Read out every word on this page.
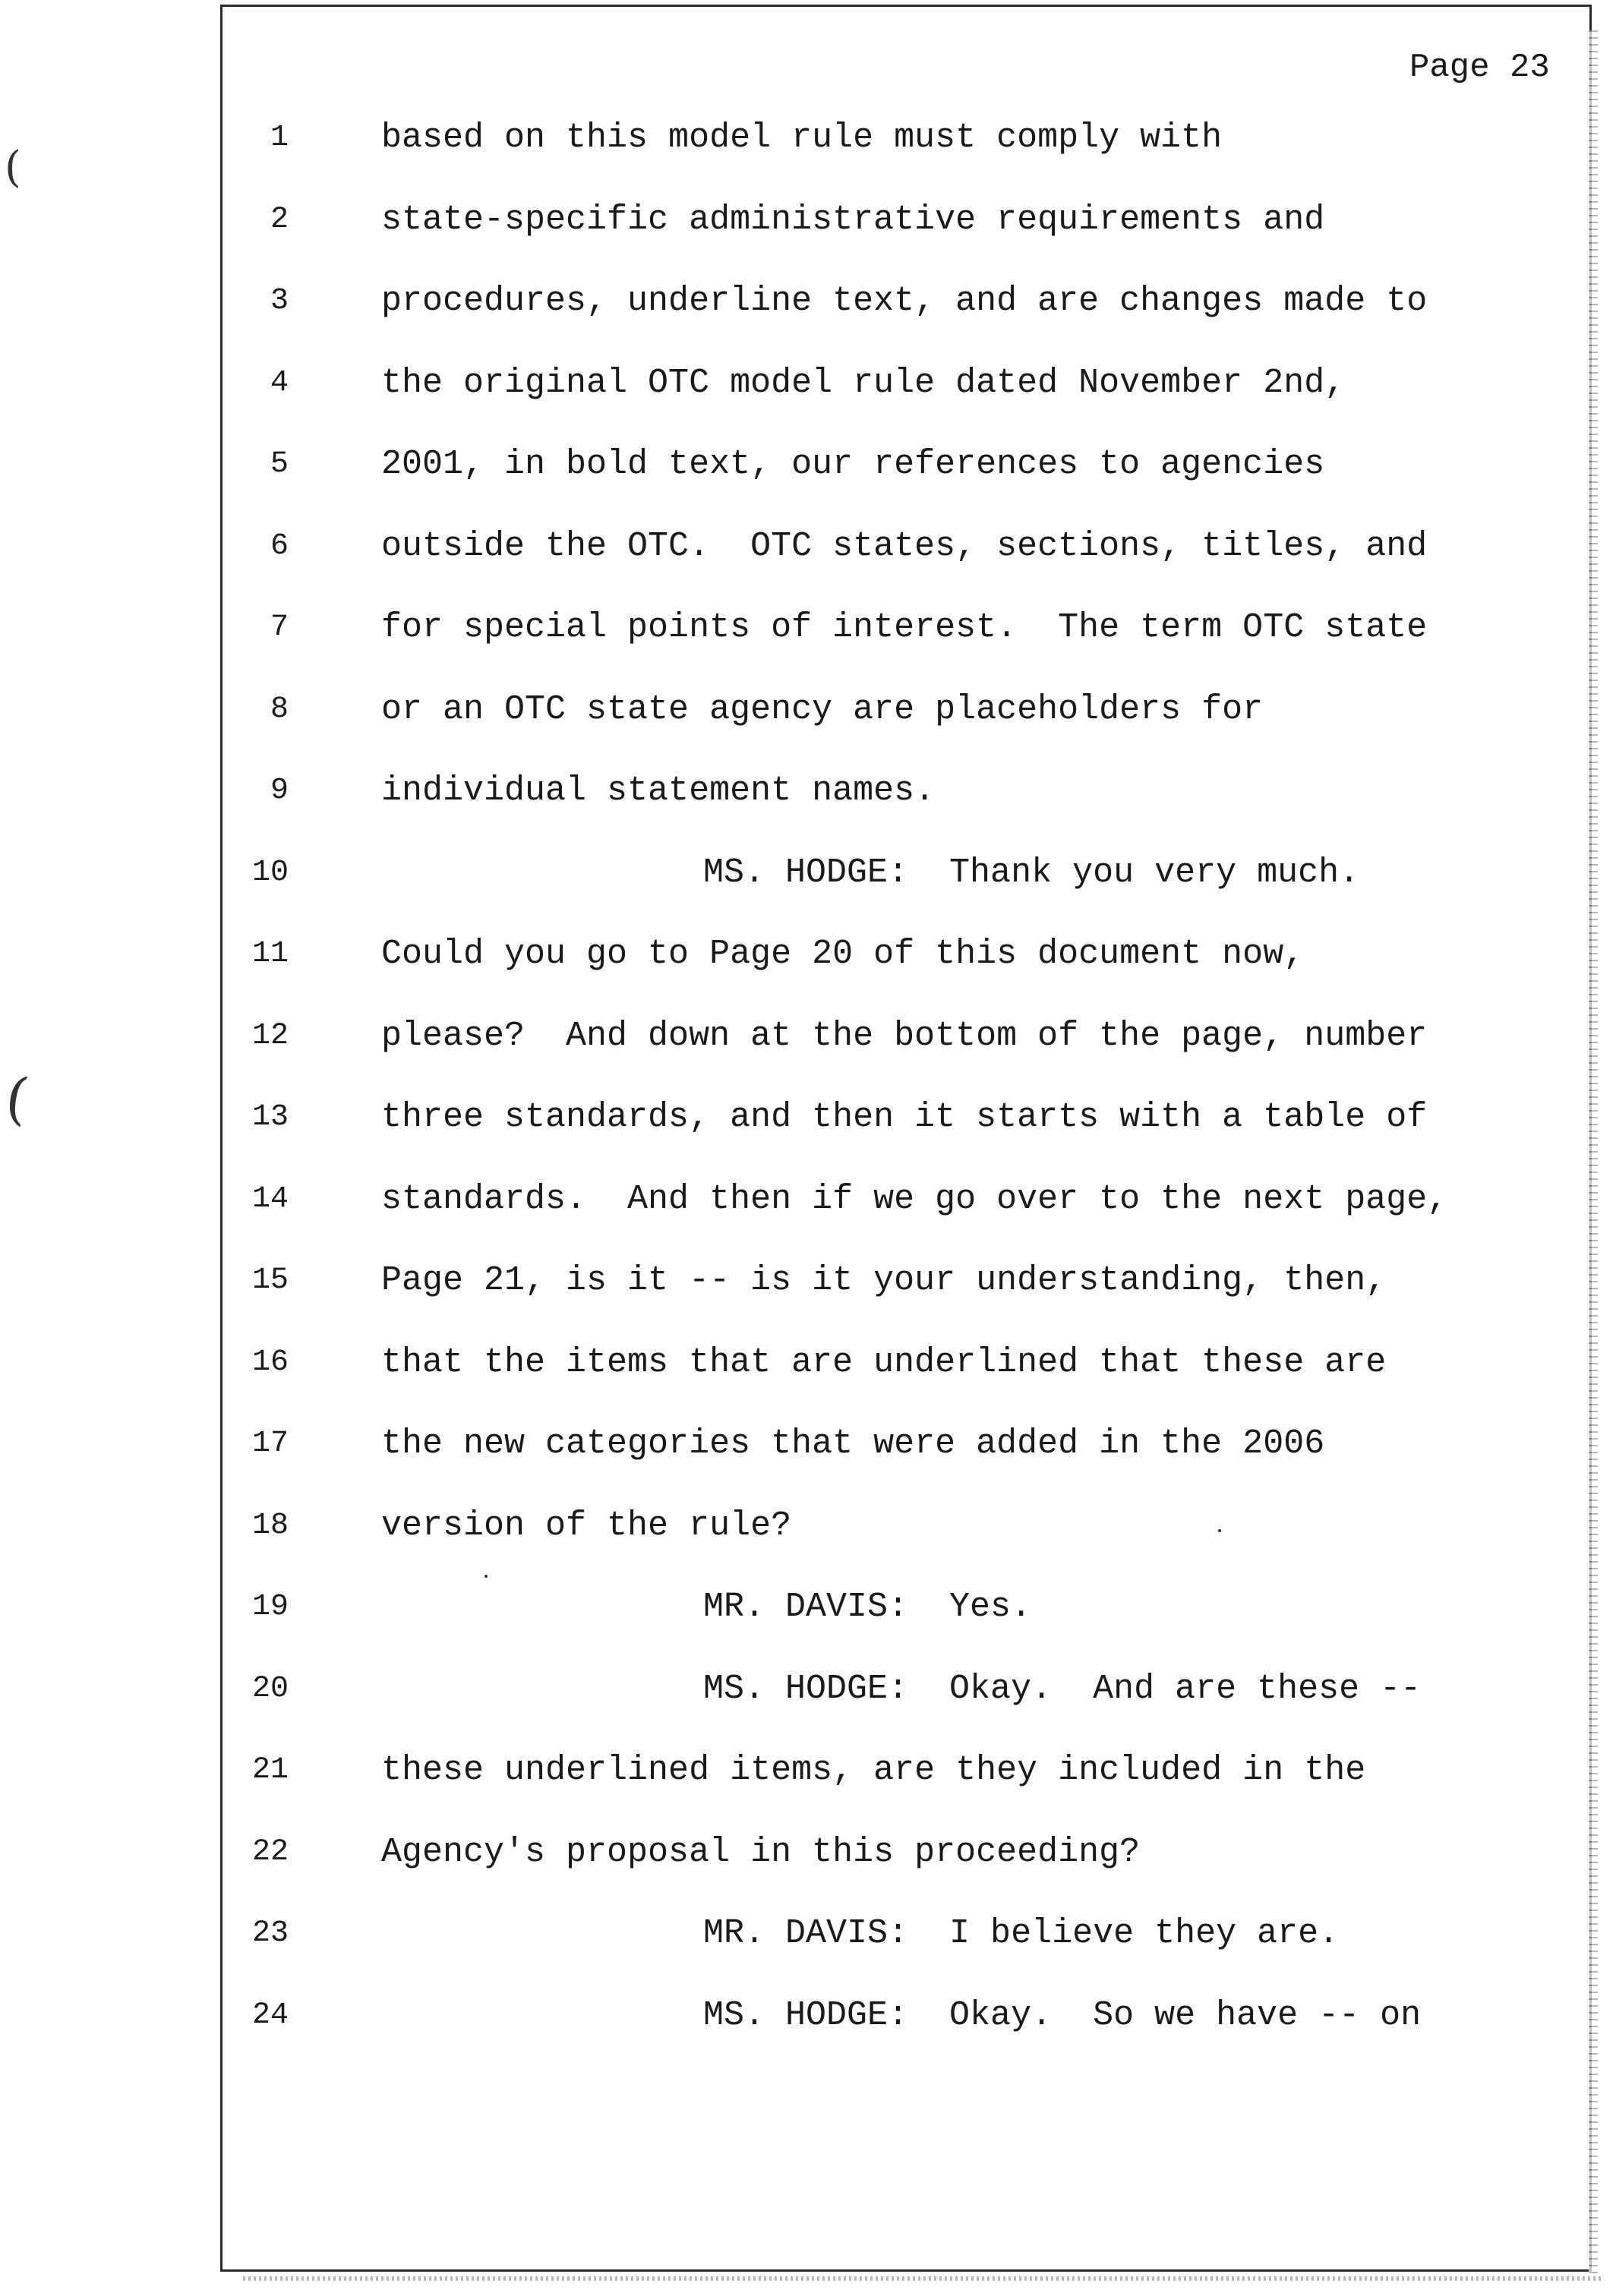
(
(
Page 23
1	based on this model rule must comply with
2	state-specific administrative requirements and
3	procedures, underline text, and are changes made to
4	the original OTC model rule dated November 2nd,
5	2001, in bold text, our references to agencies
6	outside the OTC.  OTC states, sections, titles, and
7	for special points of interest.  The term OTC state
8	or an OTC state agency are placeholders for
9	individual statement names.
10	MS. HODGE:  Thank you very much.
11	Could you go to Page 20 of this document now,
12	please?  And down at the bottom of the page, number
13	three standards, and then it starts with a table of
14	standards.  And then if we go over to the next page,
15	Page 21, is it -- is it your understanding, then,
16	that the items that are underlined that these are
17	the new categories that were added in the 2006
18	version of the rule?
19	MR. DAVIS:  Yes.
20	MS. HODGE:  Okay.  And are these --
21	these underlined items, are they included in the
22	Agency's proposal in this proceeding?
23	MR. DAVIS:  I believe they are.
24	MS. HODGE:  Okay.  So we have -- on
